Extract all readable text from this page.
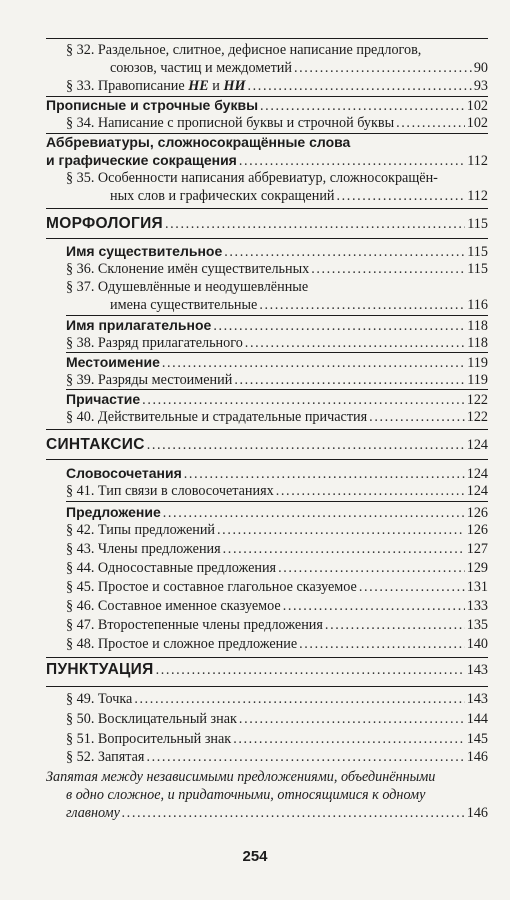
§ 32. Раздельное, слитное, дефисное написание предлогов,
союзов, частиц и междометий .....	90
§ 33. Правописание НЕ и НИ .....	93
Прописные и строчные буквы .....	102
§ 34. Написание с прописной буквы и строчной буквы .....	102
Аббревиатуры, сложносокращённые слова
и графические сокращения .....	112
§ 35. Особенности написания аббревиатур, сложносокращён-
ных слов и графических сокращений .....	112
МОРФОЛОГИЯ .....	115
Имя существительное .....	115
§ 36. Склонение имён существительных .....	115
§ 37. Одушевлённые и неодушевлённые
имена существительные .....	116
Имя прилагательное .....	118
§ 38. Разряд прилагательного .....	118
Местоимение .....	119
§ 39. Разряды местоимений .....	119
Причастие .....	122
§ 40. Действительные и страдательные причастия .....	122
СИНТАКСИС .....	124
Словосочетания .....	124
§ 41. Тип связи в словосочетаниях .....	124
Предложение .....	126
§ 42. Типы предложений .....	126
§ 43. Члены предложения .....	127
§ 44. Односоставные предложения .....	129
§ 45. Простое и составное глагольное сказуемое .....	131
§ 46. Составное именное сказуемое .....	133
§ 47. Второстепенные члены предложения .....	135
§ 48. Простое и сложное предложение .....	140
ПУНКТУАЦИЯ .....	143
§ 49. Точка .....	143
§ 50. Восклицательный знак .....	144
§ 51. Вопросительный знак .....	145
§ 52. Запятая .....	146
Запятая между независимыми предложениями, объединёнными
в одно сложное, и придаточными, относящимися к одному
главному .....	146
254
